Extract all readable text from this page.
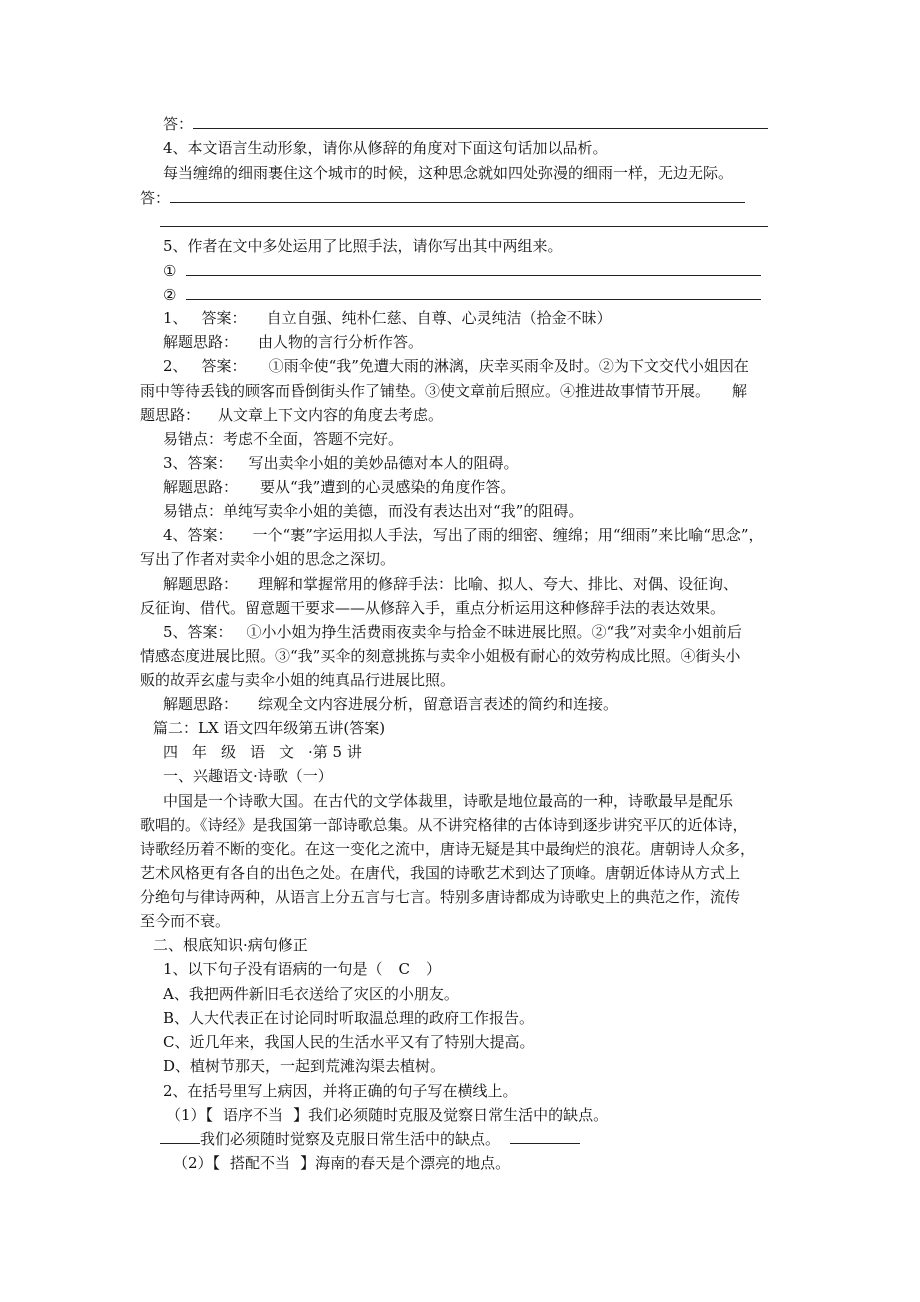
答：
4、本文语言生动形象，请你从修辞的角度对下面这句话加以品析。
每当缠绵的细雨裹住这个城市的时候，这种思念就如四处弥漫的细雨一样，无边无际。
答：
5、作者在文中多处运用了比照手法，请你写出其中两组来。
①
②
1、 答案： 自立自强、纯朴仁慈、自尊、心灵纯洁（拾金不昧）
解题思路： 由人物的言行分析作答。
2、 答案： ①雨伞使“我”免遭大雨的淋漓，庆幸买雨伞及时。②为下文交代小姐因在
雨中等待丢钱的顾客而昏倒街头作了铺垫。③使文章前后照应。④推进故事情节开展。 解
题思路： 从文章上下文内容的角度去考虑。
易错点：考虑不全面，答题不完好。
3、答案： 写出卖伞小姐的美妙品德对本人的阻碍。
解题思路： 要从“我”遭到的心灵感染的角度作答。
易错点：单纯写卖伞小姐的美德，而没有表达出对“我”的阻碍。
4、答案： 一个“裹”字运用拟人手法，写出了雨的细密、缠绵；用“细雨”来比喻“思念”，
写出了作者对卖伞小姐的思念之深切。
解题思路： 理解和掌握常用的修辞手法：比喻、拟人、夸大、排比、对偶、设征询、
反征询、借代。留意题干要求——从修辞入手，重点分析运用这种修辞手法的表达效果。
5、答案： ①小小姐为挣生活费雨夜卖伞与拾金不昧进展比照。②“我”对卖伞小姐前后
情感态度进展比照。③“我”买伞的刻意挑拣与卖伞小姐极有耐心的效劳构成比照。④街头小
贩的故弄玄虚与卖伞小姐的纯真品行进展比照。
解题思路： 综观全文内容进展分析，留意语言表述的简约和连接。
篇二：LX 语文四年级第五讲(答案)
四年级语文·第 5 讲
一、兴趣语文·诗歌（一）
中国是一个诗歌大国。在古代的文学体裁里，诗歌是地位最高的一种，诗歌最早是配乐
歌唱的。《诗经》是我国第一部诗歌总集。从不讲究格律的古体诗到逐步讲究平仄的近体诗，
诗歌经历着不断的变化。在这一变化之流中，唐诗无疑是其中最绚烂的浪花。唐朝诗人众多，
艺术风格更有各自的出色之处。在唐代，我国的诗歌艺术到达了顶峰。唐朝近体诗从方式上
分绝句与律诗两种，从语言上分五言与七言。特别多唐诗都成为诗歌史上的典范之作，流传
至今而不衰。
二、根底知识·病句修正
1、以下句子没有语病的一句是（ C ）
A、我把两件新旧毛衣送给了灾区的小朋友。
B、人大代表正在讨论同时听取温总理的政府工作报告。
C、近几年来，我国人民的生活水平又有了特别大提高。
D、植树节那天，一起到荒滩沟渠去植树。
2、在括号里写上病因，并将正确的句子写在横线上。
（1）【 语序不当 】我们必须随时克服及觉察日常生活中的缺点。
我们必须随时觉察及克服日常生活中的缺点。
（2）【 搭配不当 】海南的春天是个漂亮的地点。
